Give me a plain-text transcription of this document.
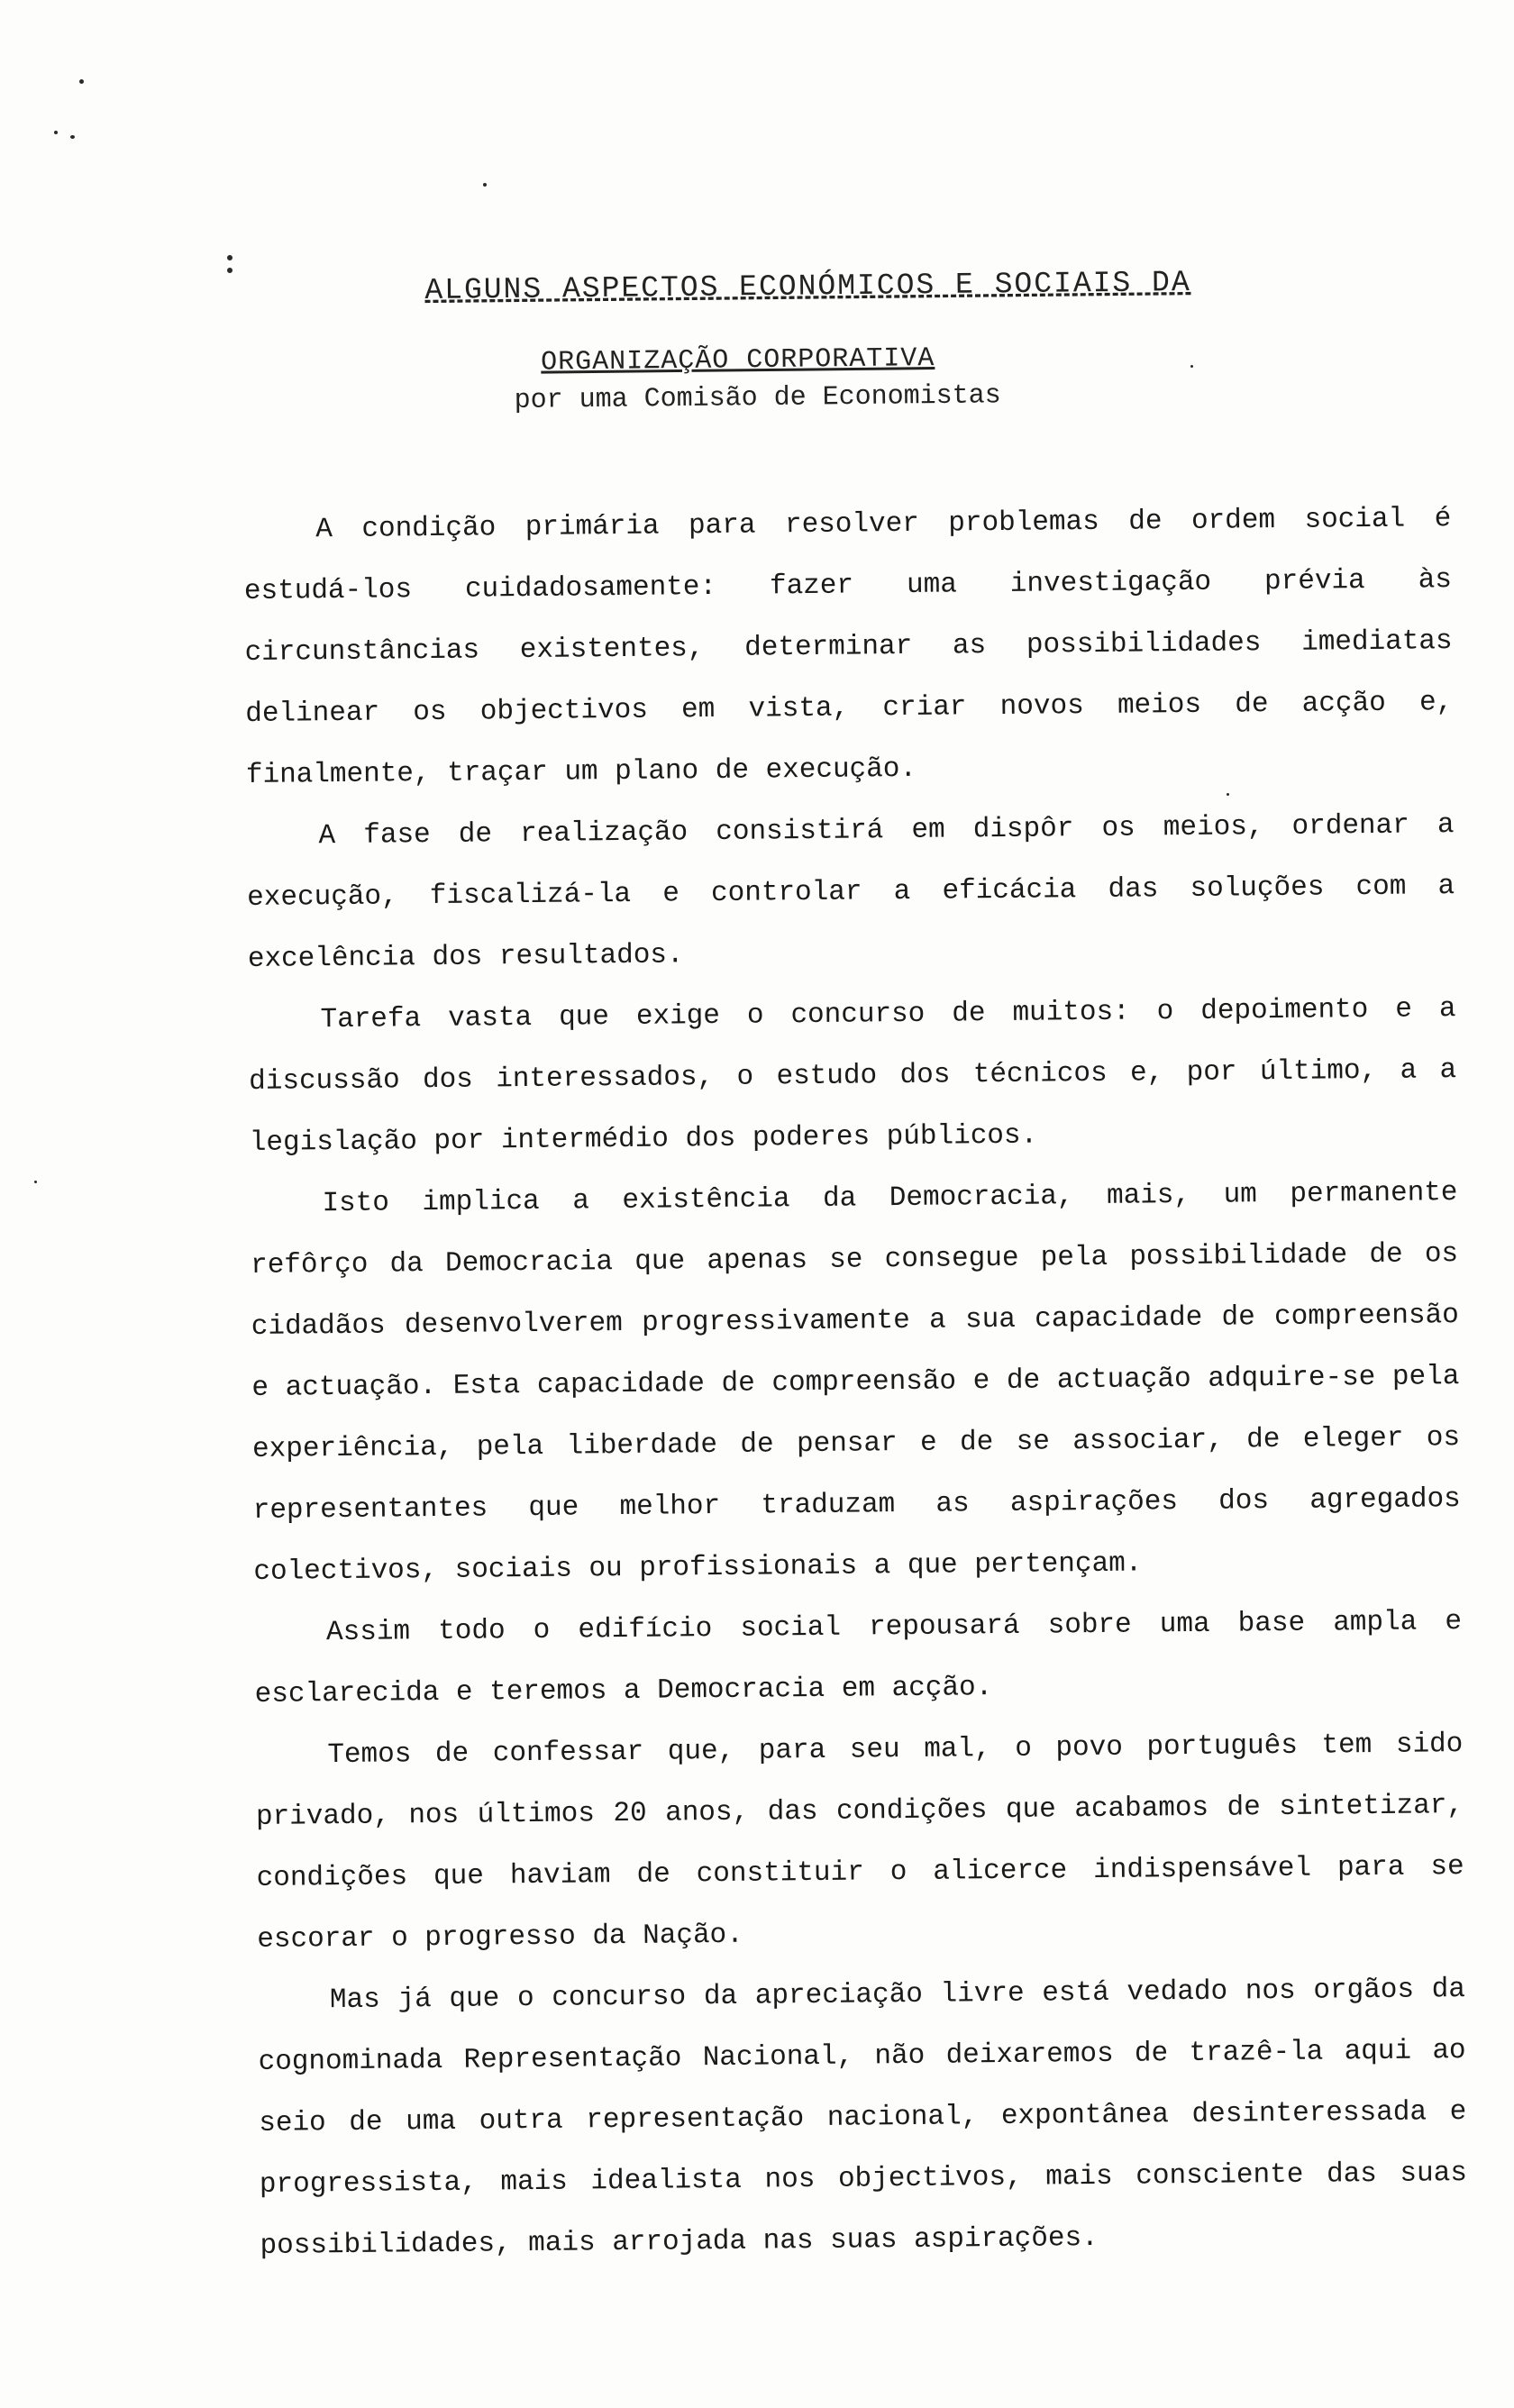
ALGUNS ASPECTOS ECONÓMICOS E SOCIAIS DA
ORGANIZAÇÃO CORPORATIVA
por uma Comisão de Economistas

A condição primária para resolver problemas de ordem social é estudá-los cuidadosamente: fazer uma investigação prévia às circunstâncias existentes, determinar as possibilidades imediatas delinear os objectivos em vista, criar novos meios de acção e, finalmente, traçar um plano de execução.

A fase de realização consistirá em dispôr os meios, ordenar a execução, fiscalizá-la e controlar a eficácia das soluções com a excelência dos resultados.

Tarefa vasta que exige o concurso de muitos: o depoimento e a discussão dos interessados, o estudo dos técnicos e, por último, a a legislação por intermédio dos poderes públicos.

Isto implica a existência da Democracia, mais, um permanente refôrço da Democracia que apenas se consegue pela possibilidade de os cidadãos desenvolverem progressivamente a sua capacidade de compreensão e actuação. Esta capacidade de compreensão e de actuação adquire-se pela experiência, pela liberdade de pensar e de se associar, de eleger os representantes que melhor traduzam as aspirações dos agregados colectivos, sociais ou profissionais a que pertençam.

Assim todo o edifício social repousará sobre uma base ampla e esclarecida e teremos a Democracia em acção.

Temos de confessar que, para seu mal, o povo português tem sido privado, nos últimos 20 anos, das condições que acabamos de sintetizar, condições que haviam de constituir o alicerce indispensável para se escorar o progresso da Nação.

Mas já que o concurso da apreciação livre está vedado nos orgãos da cognominada Representação Nacional, não deixaremos de trazê-la aqui ao seio de uma outra representação nacional, expontânea desinteressada e progressista, mais idealista nos objectivos, mais consciente das suas possibilidades, mais arrojada nas suas aspirações.
